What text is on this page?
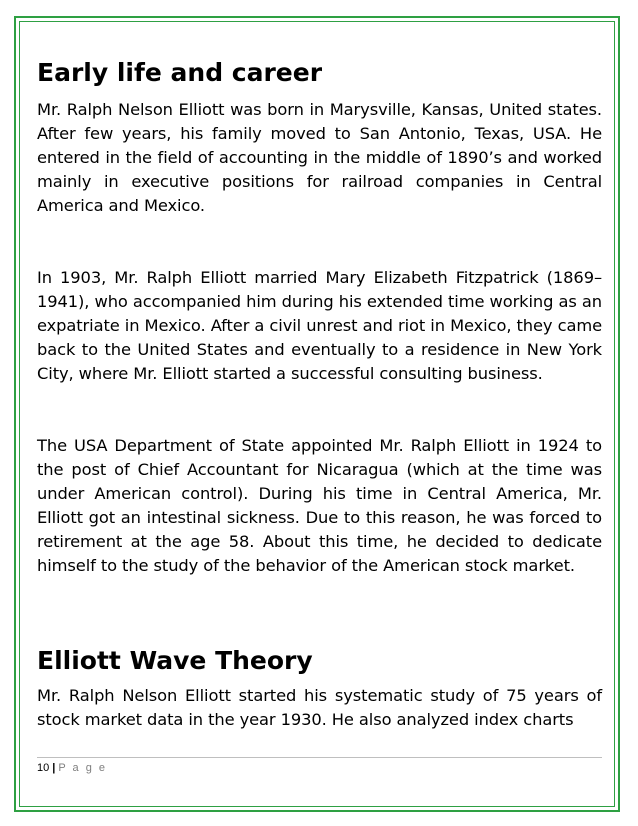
Early life and career

Mr. Ralph Nelson Elliott was born in Marysville, Kansas, United states. After few years, his family moved to San Antonio, Texas, USA. He entered in the field of accounting in the middle of 1890’s and worked mainly in executive positions for railroad companies in Central America and Mexico.

In 1903, Mr. Ralph Elliott married Mary Elizabeth Fitzpatrick (1869–1941), who accompanied him during his extended time working as an expatriate in Mexico. After a civil unrest and riot in Mexico, they came back to the United States and eventually to a residence in New York City, where Mr. Elliott started a successful consulting business.

The USA Department of State appointed Mr. Ralph Elliott in 1924 to the post of Chief Accountant for Nicaragua (which at the time was under American control). During his time in Central America, Mr. Elliott got an intestinal sickness. Due to this reason, he was forced to retirement at the age 58. About this time, he decided to dedicate himself to the study of the behavior of the American stock market.

Elliott Wave Theory

Mr. Ralph Nelson Elliott started his systematic study of 75 years of stock market data in the year 1930. He also analyzed index charts

10 | P a g e
